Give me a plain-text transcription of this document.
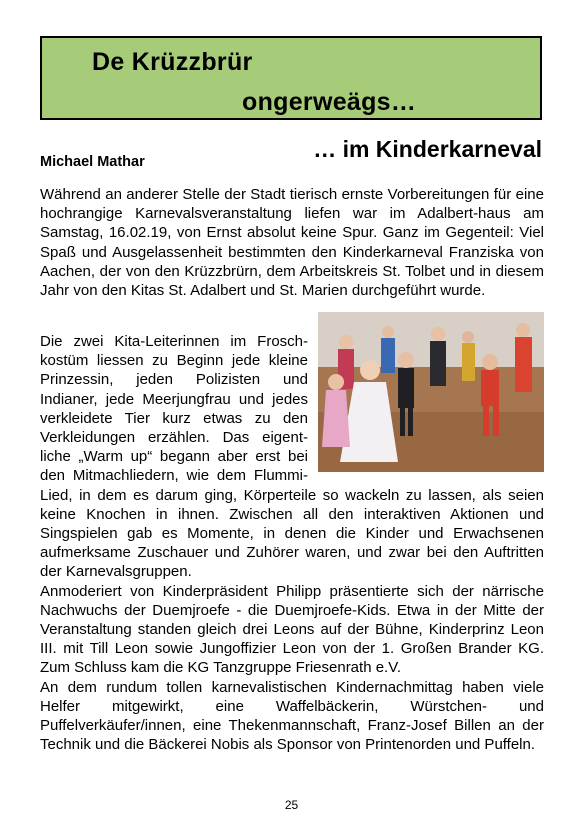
De Krüzzbrür
ongerweägs…
… im Kinderkarneval
Michael Mathar
Während an anderer Stelle der Stadt tierisch ernste Vorbereitungen für eine hochrangige Karnevalsveranstaltung liefen war im Adalbert-haus am Samstag, 16.02.19, von Ernst absolut keine Spur. Ganz im Gegenteil: Viel Spaß und Ausgelassenheit bestimmten den Kinderkarneval Franziska von Aachen, der von den Krüzzbrürn, dem Arbeitskreis St. Tolbet und in diesem Jahr von den Kitas St. Adalbert und St. Marien durchgeführt wurde.
Die zwei Kita-Leiterinnen im Frosch-kostüm liessen zu Beginn jede kleine Prinzessin, jeden Polizisten und Indianer, jede Meerjungfrau und jedes verkleidete Tier kurz etwas zu den Verkleidungen erzählen. Das eigent-liche „Warm up“ begann aber erst bei den Mitmachliedern, wie dem Flummi-Lied, in dem es darum ging, Körperteile so wackeln zu lassen, als seien keine Knochen in ihnen. Zwischen all den interaktiven Aktionen und Singspielen gab es Momente, in denen die Kinder und Erwachsenen aufmerksame Zuschauer und Zuhörer waren, und zwar bei den Auftritten der Karnevalsgruppen.
Anmoderiert von Kinderpräsident Philipp präsentierte sich der närrische Nachwuchs der Duemjroefe - die Duemjroefe-Kids. Etwa in der Mitte der Veranstaltung standen gleich drei Leons auf der Bühne, Kinderprinz Leon III. mit Till Leon sowie Jungoffizier Leon von der 1. Großen Brander KG. Zum Schluss kam die KG Tanzgruppe Friesenrath e.V.
An dem rundum tollen karnevalistischen Kindernachmittag haben viele Helfer mitgewirkt, eine Waffelbäckerin, Würstchen- und Puffelverkäufer/innen, eine Thekenmannschaft, Franz-Josef Billen an der Technik und die Bäckerei Nobis als Sponsor von Printenorden und Puffeln.
25
